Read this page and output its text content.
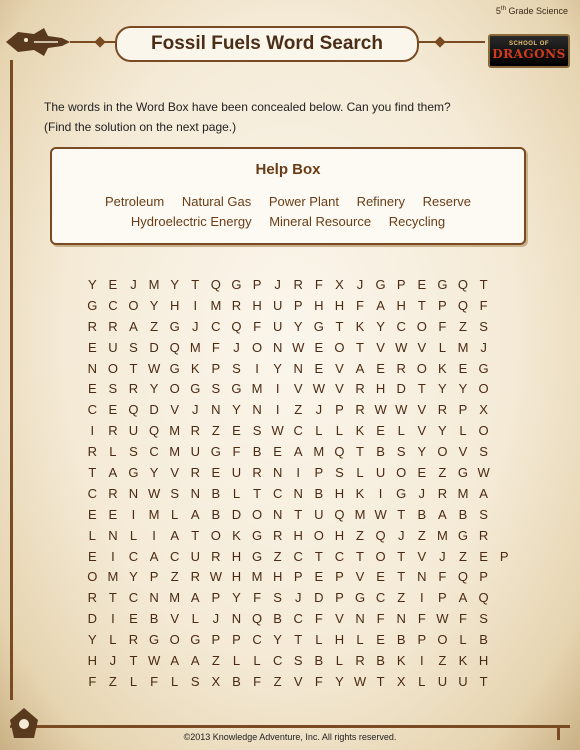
5th Grade Science
Fossil Fuels Word Search	SCHOOL OF
DRAGONS
The words in the Word Box have been concealed below. Can you find them?
(Find the solution on the next page.)
Help Box
Petroleum Natural Gas Power Plant Refinery Reserve
Hydroelectric Energy Mineral Resource Recycling
Y E	J M Y T Q G P	J R F X	J G P E G Q T
G C O Y H	I	M R H U P H H F A H T P Q F
R R A Z G J C Q F U Y G T K Y C O F Z S
E U S D Q M F	J O N W E O T V W V L M J
N O T W G K P S	I	Y N E V A E R O K E G
E S R Y O G S G M	I	V W V R H D T Y Y O
C E Q D V	J N Y N	I	Z	J	P R W W V R P X
I	R U Q M R Z E S W C L	L K E L V Y L O
R L S C M U G F B E A M Q T B S Y O V S
T A G Y V R E U R N	I	P S L U O E Z G W
C R N W S N B L	T C N B H K	I	G J R M A
E E	I	M L A B D O N T U Q M W T B A B S
L N L	I	A T O K G R H O H Z Q J	Z M G R
E	I	C A C U R H G Z C T C T O T V	J	Z E P
O M Y P Z R W H M H P E P V E T N F Q P
R T C N M A P Y F S	J D P G C Z	I	P A Q
D	I	E B V L	J N Q B C F V N F N F W F S
Y L R G O G P P C Y T	L H L E B P O L B
H J	T W A A Z	L	L C S B L R B K	I	Z K H
F Z	L	F	L S X B F Z V F Y W T X L U U T
©2013 Knowledge Adventure, Inc. All rights reserved.
